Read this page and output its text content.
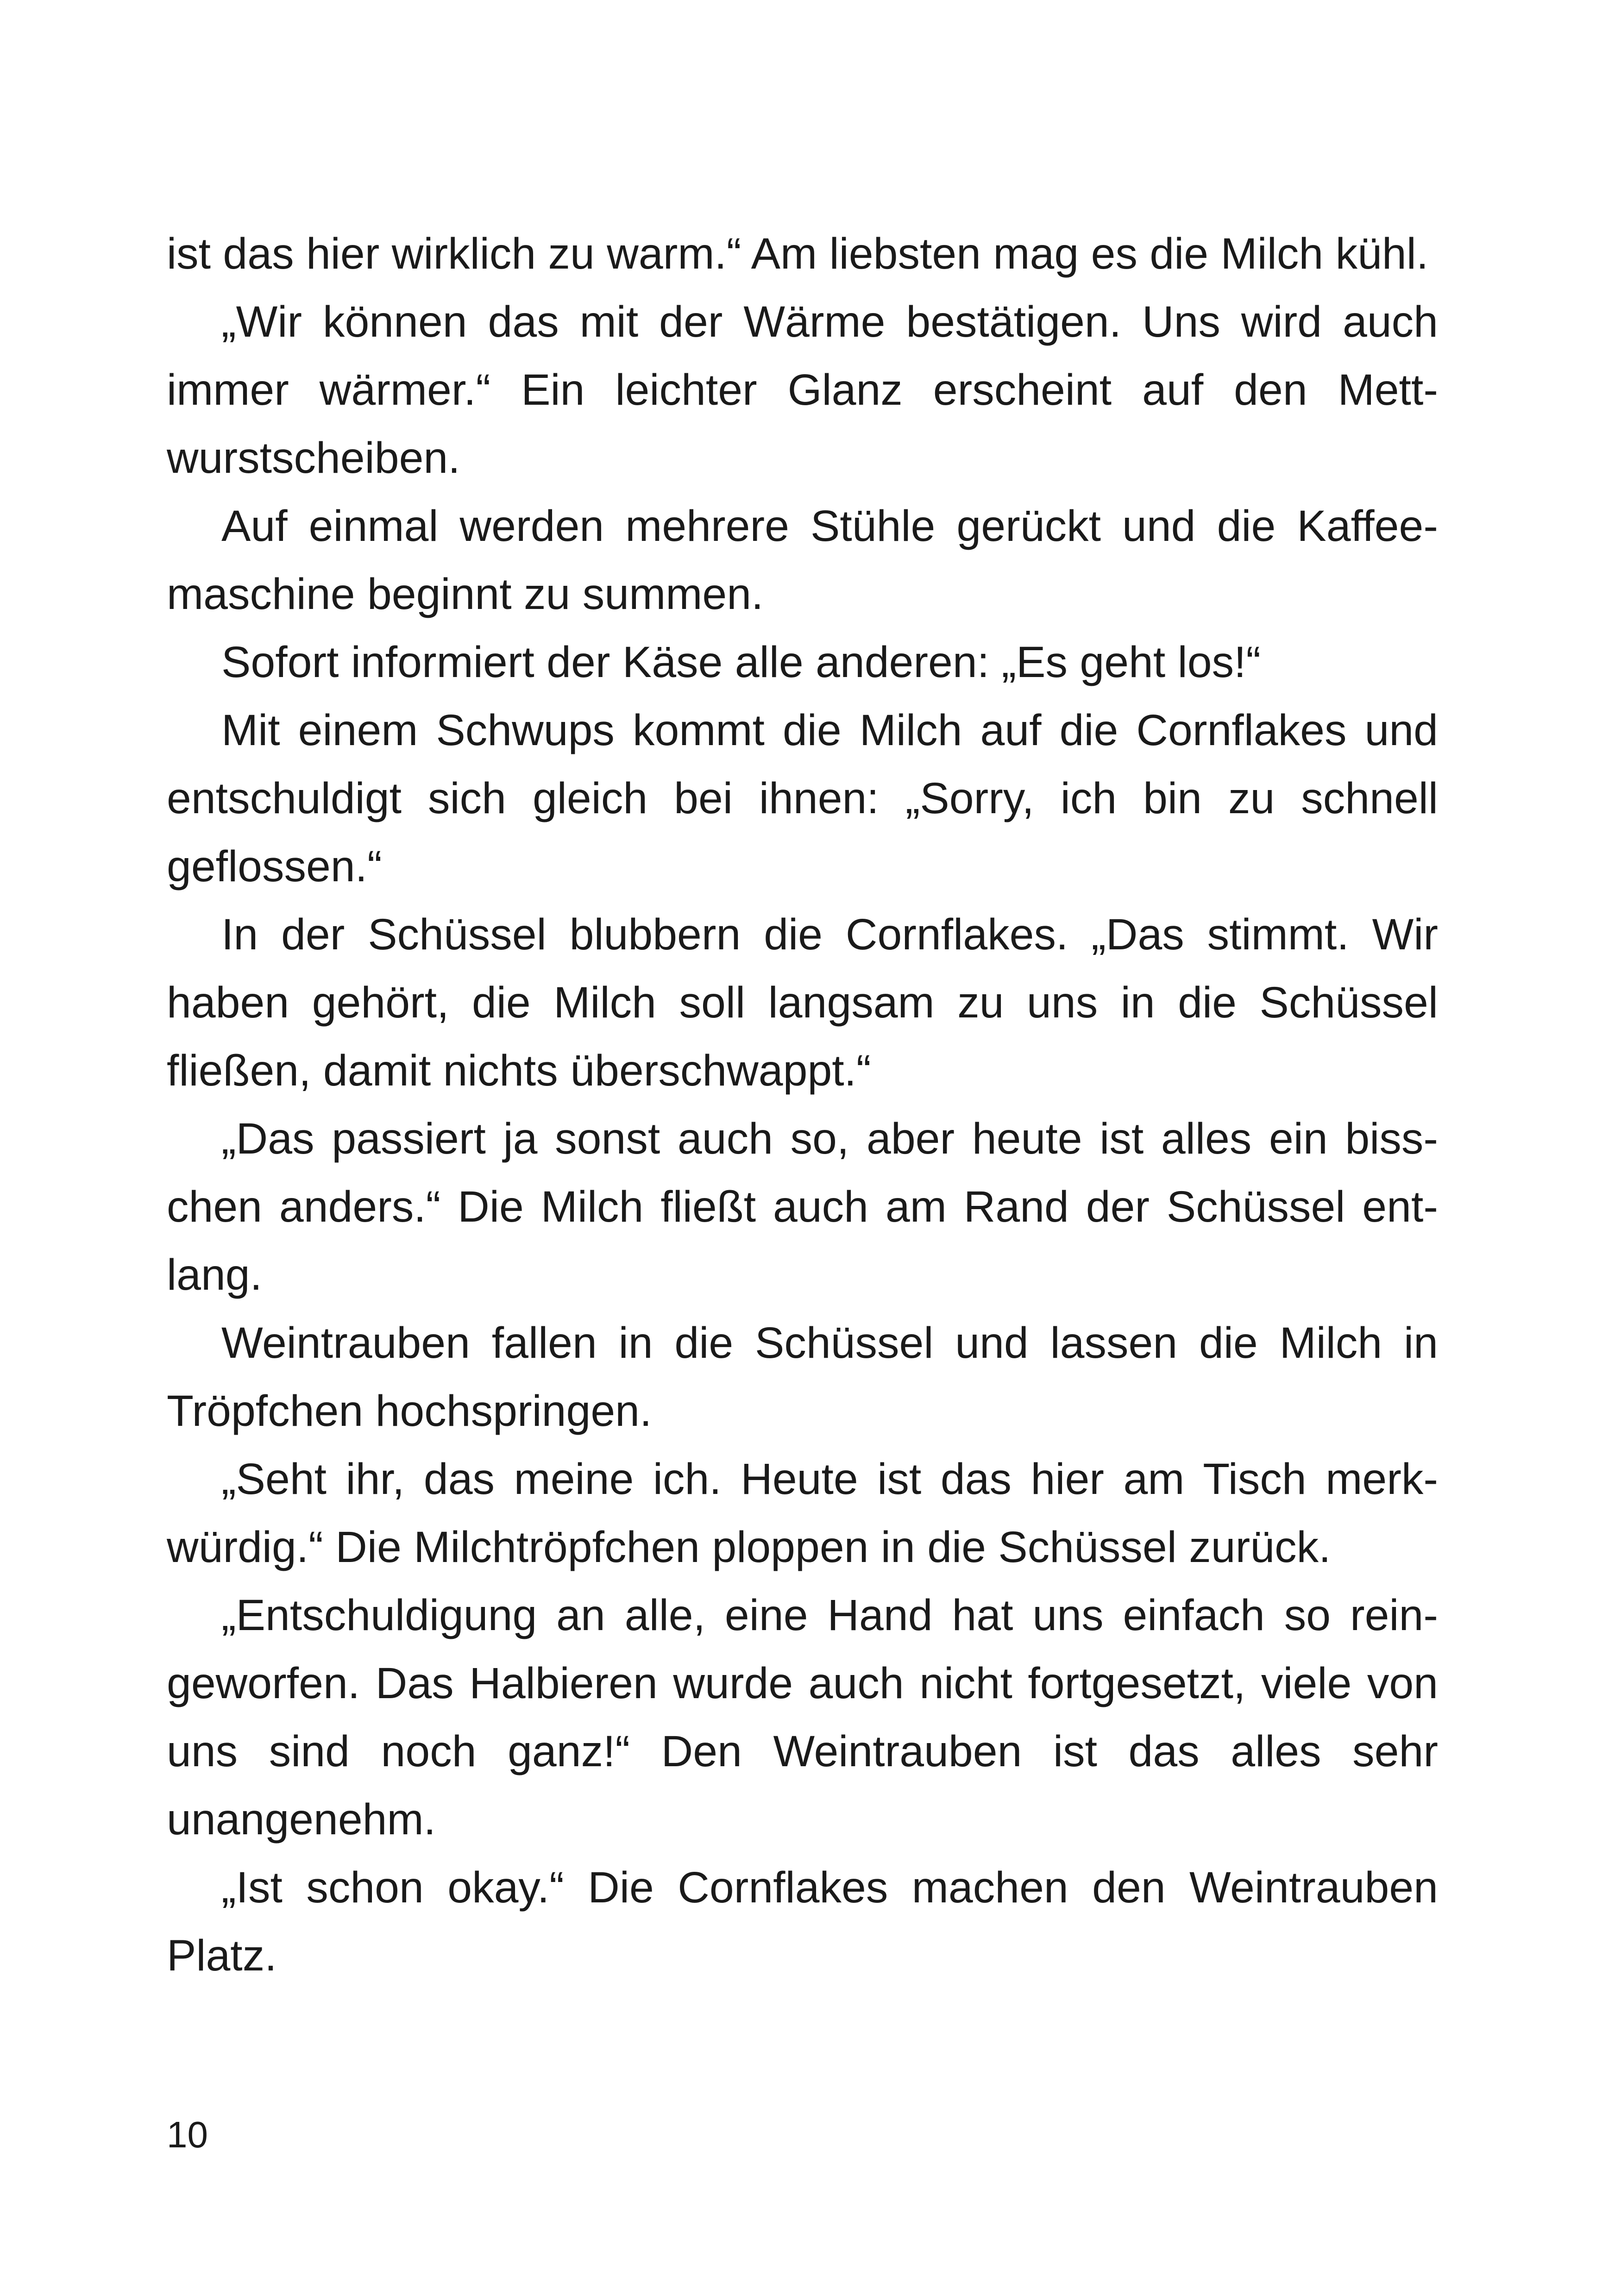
ist das hier wirklich zu warm.“ Am liebsten mag es die Milch kühl.

„Wir können das mit der Wärme bestätigen. Uns wird auch immer wärmer.“ Ein leichter Glanz erscheint auf den Mettwurstscheiben.

Auf einmal werden mehrere Stühle gerückt und die Kaffeemaschine beginnt zu summen.

Sofort informiert der Käse alle anderen: „Es geht los!“

Mit einem Schwups kommt die Milch auf die Cornflakes und entschuldigt sich gleich bei ihnen: „Sorry, ich bin zu schnell geflossen.“

In der Schüssel blubbern die Cornflakes. „Das stimmt. Wir haben gehört, die Milch soll langsam zu uns in die Schüssel fließen, damit nichts überschwappt.“

„Das passiert ja sonst auch so, aber heute ist alles ein bisschen anders.“ Die Milch fließt auch am Rand der Schüssel entlang.

Weintrauben fallen in die Schüssel und lassen die Milch in Tröpfchen hochspringen.

„Seht ihr, das meine ich. Heute ist das hier am Tisch merkwürdig.“ Die Milchtröpfchen ploppen in die Schüssel zurück.

„Entschuldigung an alle, eine Hand hat uns einfach so reingeworfen. Das Halbieren wurde auch nicht fortgesetzt, viele von uns sind noch ganz!“ Den Weintrauben ist das alles sehr unangenehm.

„Ist schon okay.“ Die Cornflakes machen den Weintrauben Platz.

10
